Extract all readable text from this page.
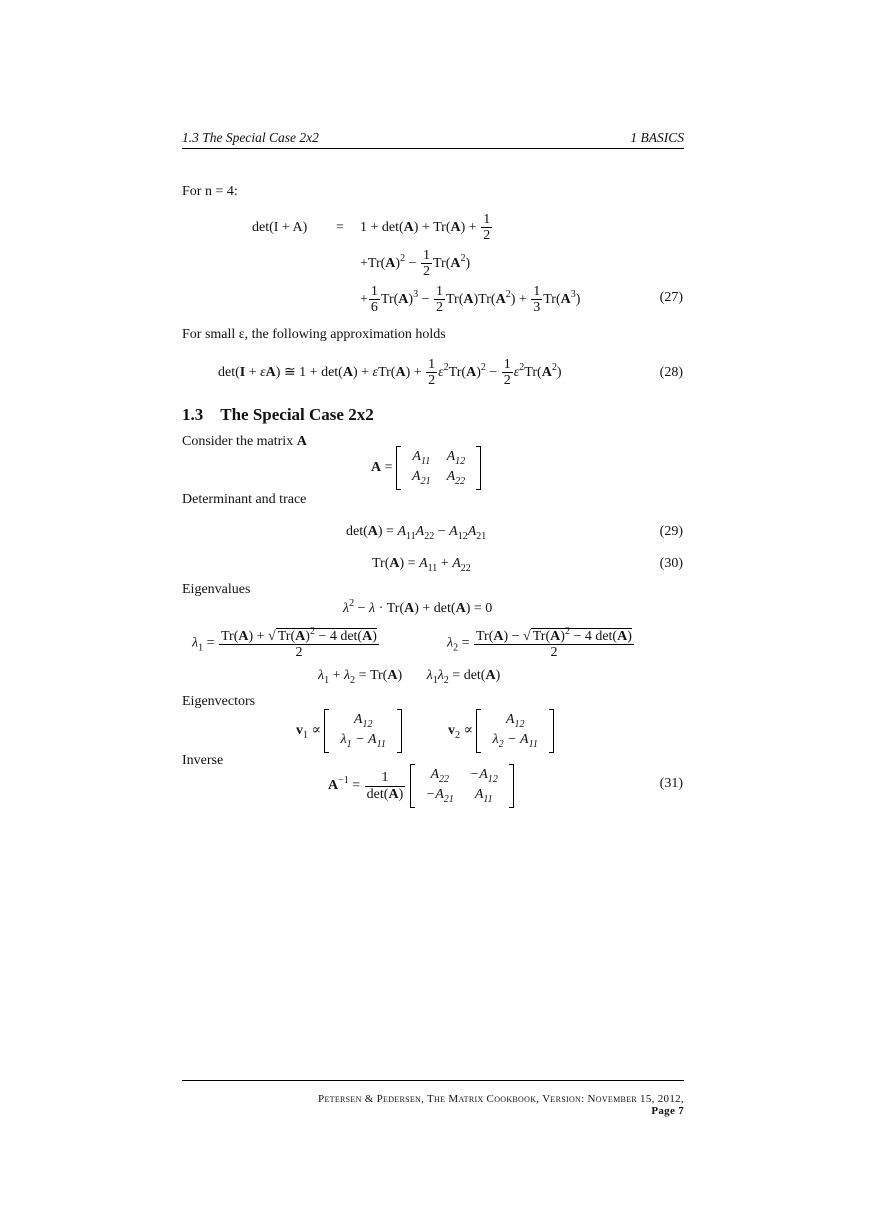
1.3 The Special Case 2x2	1 BASICS
For n = 4:
$\det(I + A) = 1 + \det(A) + Tr(A) + \frac{1}{2}$
$+Tr(A)^2 - \frac{1}{2} Tr(A^2)$
+ $\frac{1}{6} Tr(A)^3 - \frac{1}{2} Tr(A)Tr(A^2) + \frac{1}{3} Tr(A^3)$	(27)
For small ε, the following approximation holds
det(I + εA) ≅ $1 + \det(A) + \varepsilon Tr(A) + \frac{1}{2} \varepsilon^2Tr(A)^2 - \frac{1}{2} \varepsilon^2Tr(A^2)$	(28)
1.3 The Special Case 2x2
Consider the matrix A
A =
$A_{11}$	$A_{12}$
$A_{21}$	$A_{22}$
Determinant and trace
$\det(A) = A_{11}A_{22} - A_{12}A_{21}$	(29)
$Tr(A) = A_{11} + A_{22}$	(30)
Eigenvalues
$\lambda^2 - \lambda \cdot Tr(A) + \det(A) = 0$
$\lambda_1 = \frac{Tr(A) + √ Tr(A)^2 - 4 \det(A)}{2}$	$\lambda_2 = \frac{Tr(A) - √ Tr(A)^2 - 4 \det(A)}{2}$
$\lambda_1 + \lambda_2 = Tr(A)$       $\lambda_1\lambda_2 = \det(A)$
Eigenvectors
$v_1$ ∝
$A_{12}$
$\lambda_1 - A_{11}$
$v_2$ ∝
$A_{12}$
$\lambda_2 - A_{11}$
Inverse
$A^{-1} = \frac{1}{\det(A)}$
$A_{22}$	$-A_{12}$
$-A_{21}$	$A_{11}$
(31)
Petersen & Pedersen, The Matrix Cookbook, Version: November 15, 2012,
Page 7
